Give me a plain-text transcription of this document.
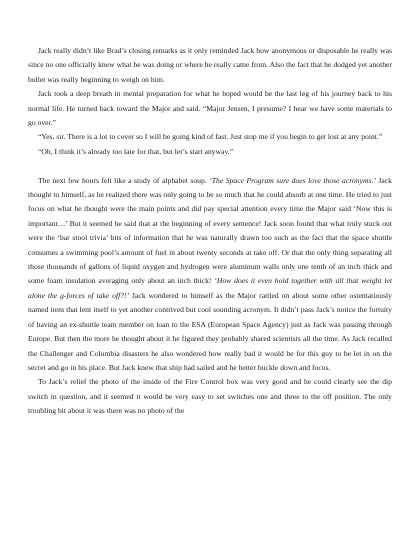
Jack really didn’t like Brad’s closing remarks as it only reminded Jack how anonymous or disposable he really was since no one officially knew what he was doing or where he really came from. Also the fact that he dodged yet another bullet was really beginning to weigh on him.

Jack took a deep breath in mental preparation for what he hoped would be the last leg of his journey back to his normal life. He turned back toward the Major and said. “Major Jensen, I presume? I hear we have some materials to go over.”

“Yes, sir. There is a lot to cover so I will be going kind of fast. Just stop me if you begin to get lost at any point.”

“Oh, I think it’s already too late for that, but let’s start anyway.”

The next few hours felt like a study of alphabet soup. ‘The Space Program sure does love those acronyms.’ Jack thought to himself, as he realized there was only going to be so much that he could absorb at one time. He tried to just focus on what he thought were the main points and did pay special attention every time the Major said ‘Now this is important…’ But it seemed he said that at the beginning of every sentence! Jack soon found that what truly stuck out were the ‘bar stool trivia’ bits of information that he was naturally drawn too such as the fact that the space shuttle consumes a swimming pool’s amount of fuel in about twenty seconds at take off. Or that the only thing separating all those thousands of gallons of liquid oxygen and hydrogen were aluminum walls only one tenth of an inch thick and some foam insulation averaging only about an inch thick! ‘How does it even hold together with all that weight let alone the g-forces of take off?!’ Jack wondered to himself as the Major rattled on about some other ostentatiously named item that lent itself to yet another contrived but cool sounding acronym. It didn’t pass Jack’s notice the fortuity of having an ex-shuttle team member on loan to the ESA (European Space Agency) just as Jack was passing through Europe. But then the more he thought about it he figured they probably shared scientists all the time. As Jack recalled the Challenger and Columbia disasters he also wondered how really bad it would be for this guy to be let in on the secret and go in his place. But Jack knew that ship had sailed and he better buckle down and focus.

To Jack’s relief the photo of the inside of the Fire Control box was very good and he could clearly see the dip switch in question, and it seemed it would be very easy to set switches one and three to the off position. The only troubling bit about it was there was no photo of the
